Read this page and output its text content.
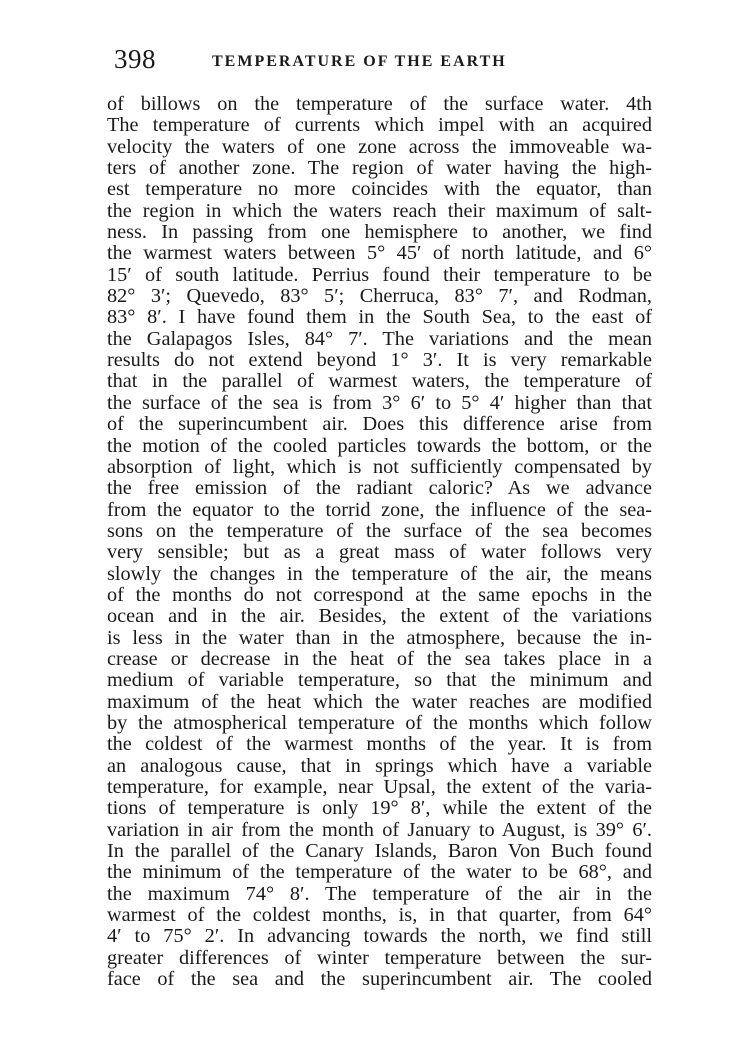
398	TEMPERATURE OF THE EARTH
of billows on the temperature of the surface water. 4th
The temperature of currents which impel with an acquired
velocity the waters of one zone across the immoveable wa-
ters of another zone. The region of water having the high-
est temperature no more coincides with the equator, than
the region in which the waters reach their maximum of salt-
ness. In passing from one hemisphere to another, we find
the warmest waters between 5° 45′ of north latitude, and 6°
15′ of south latitude. Perrius found their temperature to be
82° 3′; Quevedo, 83° 5′; Cherruca, 83° 7′, and Rodman,
83° 8′. I have found them in the South Sea, to the east of
the Galapagos Isles, 84° 7′. The variations and the mean
results do not extend beyond 1° 3′. It is very remarkable
that in the parallel of warmest waters, the temperature of
the surface of the sea is from 3° 6′ to 5° 4′ higher than that
of the superincumbent air. Does this difference arise from
the motion of the cooled particles towards the bottom, or the
absorption of light, which is not sufficiently compensated by
the free emission of the radiant caloric? As we advance
from the equator to the torrid zone, the influence of the sea-
sons on the temperature of the surface of the sea becomes
very sensible; but as a great mass of water follows very
slowly the changes in the temperature of the air, the means
of the months do not correspond at the same epochs in the
ocean and in the air. Besides, the extent of the variations
is less in the water than in the atmosphere, because the in-
crease or decrease in the heat of the sea takes place in a
medium of variable temperature, so that the minimum and
maximum of the heat which the water reaches are modified
by the atmospherical temperature of the months which follow
the coldest of the warmest months of the year. It is from
an analogous cause, that in springs which have a variable
temperature, for example, near Upsal, the extent of the varia-
tions of temperature is only 19° 8′, while the extent of the
variation in air from the month of January to August, is 39° 6′.
In the parallel of the Canary Islands, Baron Von Buch found
the minimum of the temperature of the water to be 68°, and
the maximum 74° 8′. The temperature of the air in the
warmest of the coldest months, is, in that quarter, from 64°
4′ to 75° 2′. In advancing towards the north, we find still
greater differences of winter temperature between the sur-
face of the sea and the superincumbent air. The cooled
